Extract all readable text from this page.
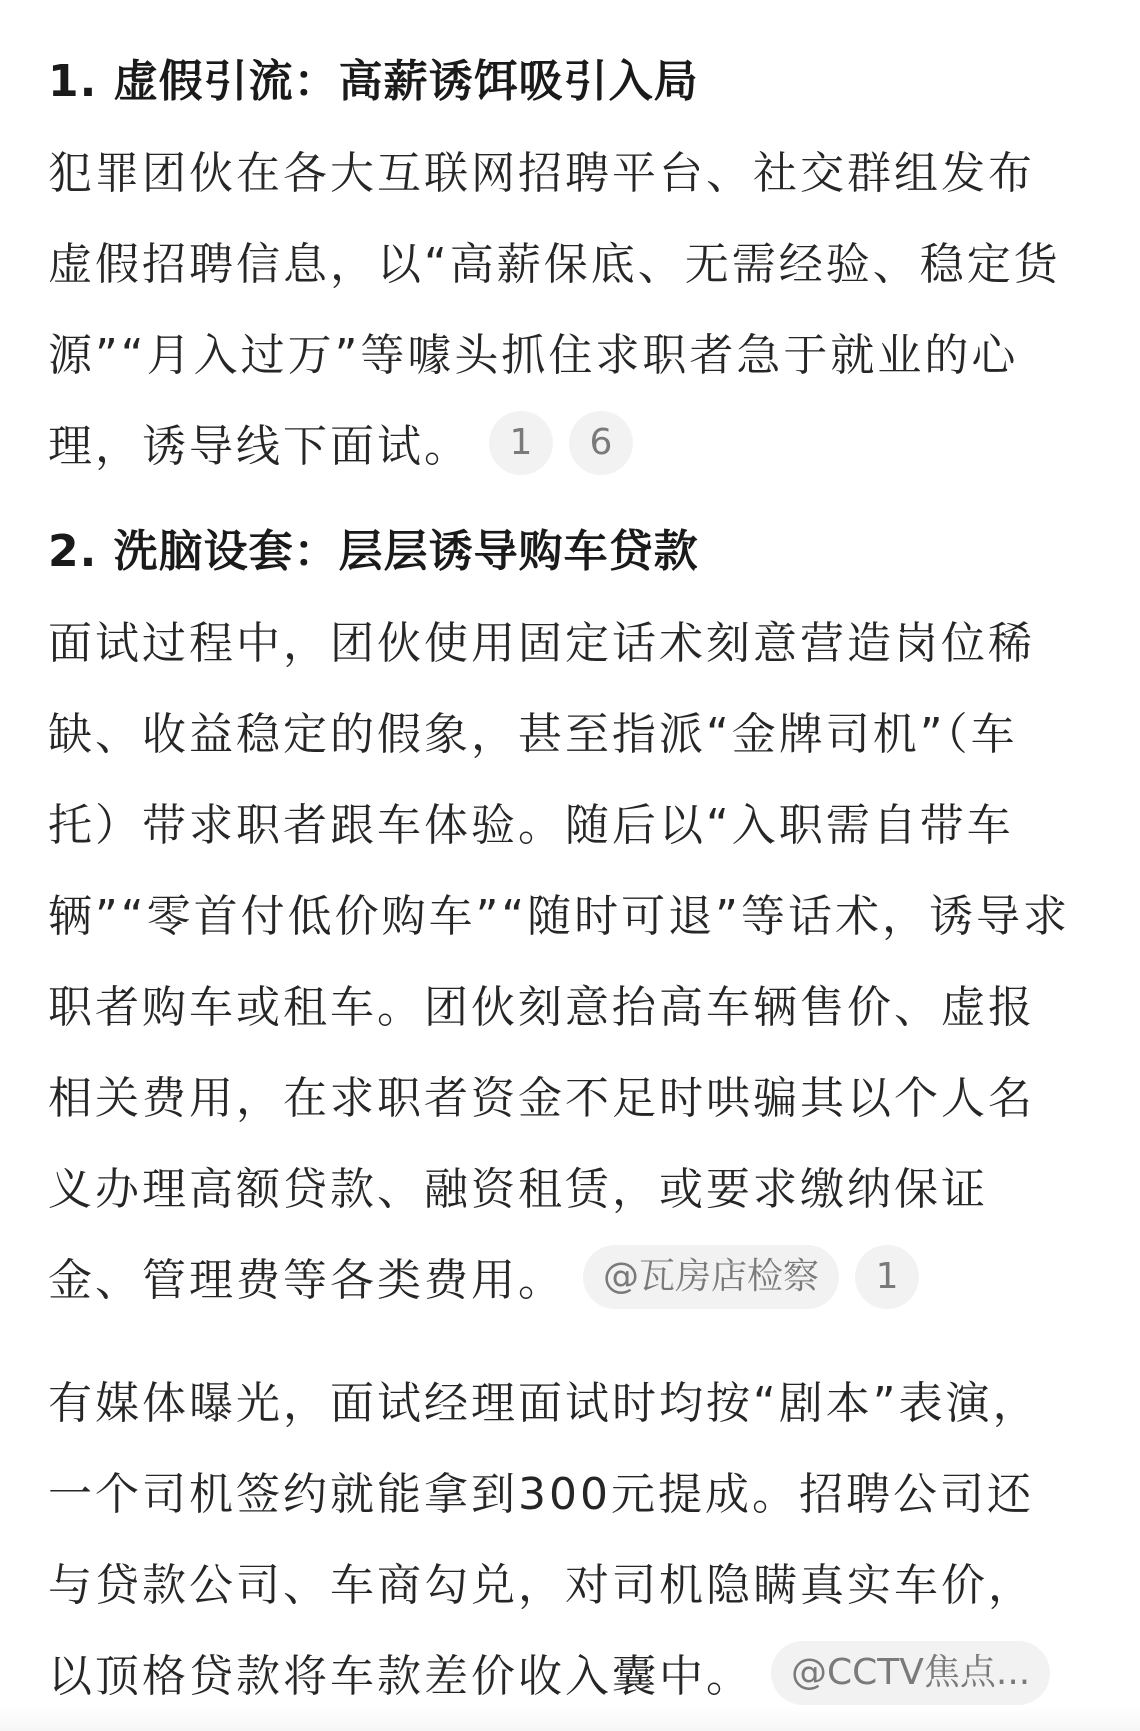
1. 虚假引流：高薪诱饵吸引入局

犯罪团伙在各大互联网招聘平台、社交群组发布
虚假招聘信息，以“高薪保底、无需经验、稳定货
源”“月入过万”等噱头抓住求职者急于就业的心
理，诱导线下面试。 1 6

2. 洗脑设套：层层诱导购车贷款

面试过程中，团伙使用固定话术刻意营造岗位稀
缺、收益稳定的假象，甚至指派“金牌司机”（车
托）带求职者跟车体验。随后以“入职需自带车
辆”“零首付低价购车”“随时可退”等话术，诱导求
职者购车或租车。团伙刻意抬高车辆售价、虚报
相关费用，在求职者资金不足时哄骗其以个人名
义办理高额贷款、融资租赁，或要求缴纳保证
金、管理费等各类费用。 @瓦房店检察 1

有媒体曝光，面试经理面试时均按“剧本”表演，
一个司机签约就能拿到300元提成。招聘公司还
与贷款公司、车商勾兑，对司机隐瞒真实车价，
以顶格贷款将车款差价收入囊中。 @CCTV焦点...
